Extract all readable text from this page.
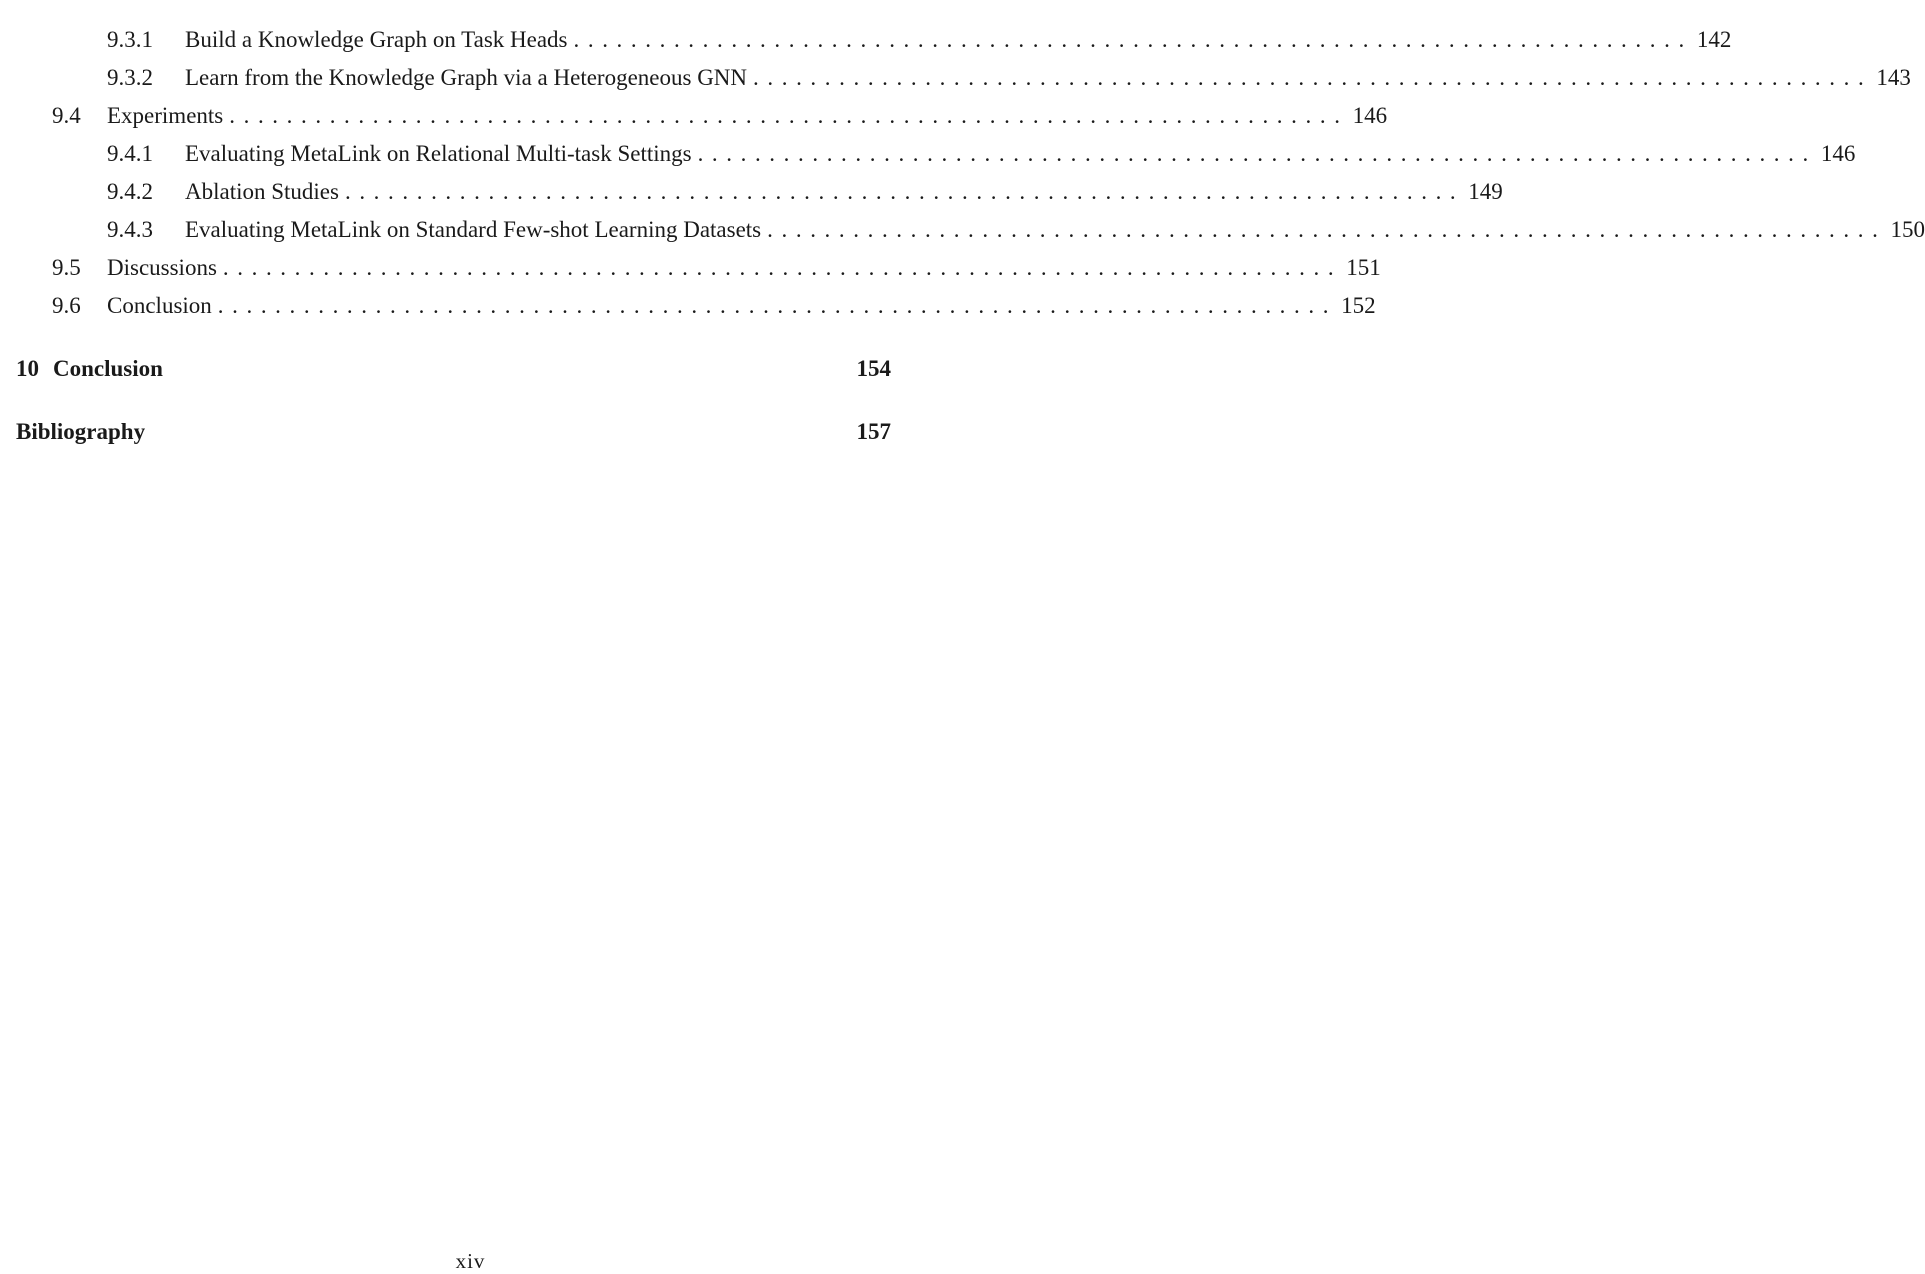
9.3.1 Build a Knowledge Graph on Task Heads .............................................................................. 142
9.3.2 Learn from the Knowledge Graph via a Heterogeneous GNN .............................................................................. 143
9.4 Experiments .............................................................................. 146
9.4.1 Evaluating MetaLink on Relational Multi-task Settings .............................................................................. 146
9.4.2 Ablation Studies .............................................................................. 149
9.4.3 Evaluating MetaLink on Standard Few-shot Learning Datasets .............................................................................. 150
9.5 Discussions .............................................................................. 151
9.6 Conclusion .............................................................................. 152
10 Conclusion	154
Bibliography	157
xiv
